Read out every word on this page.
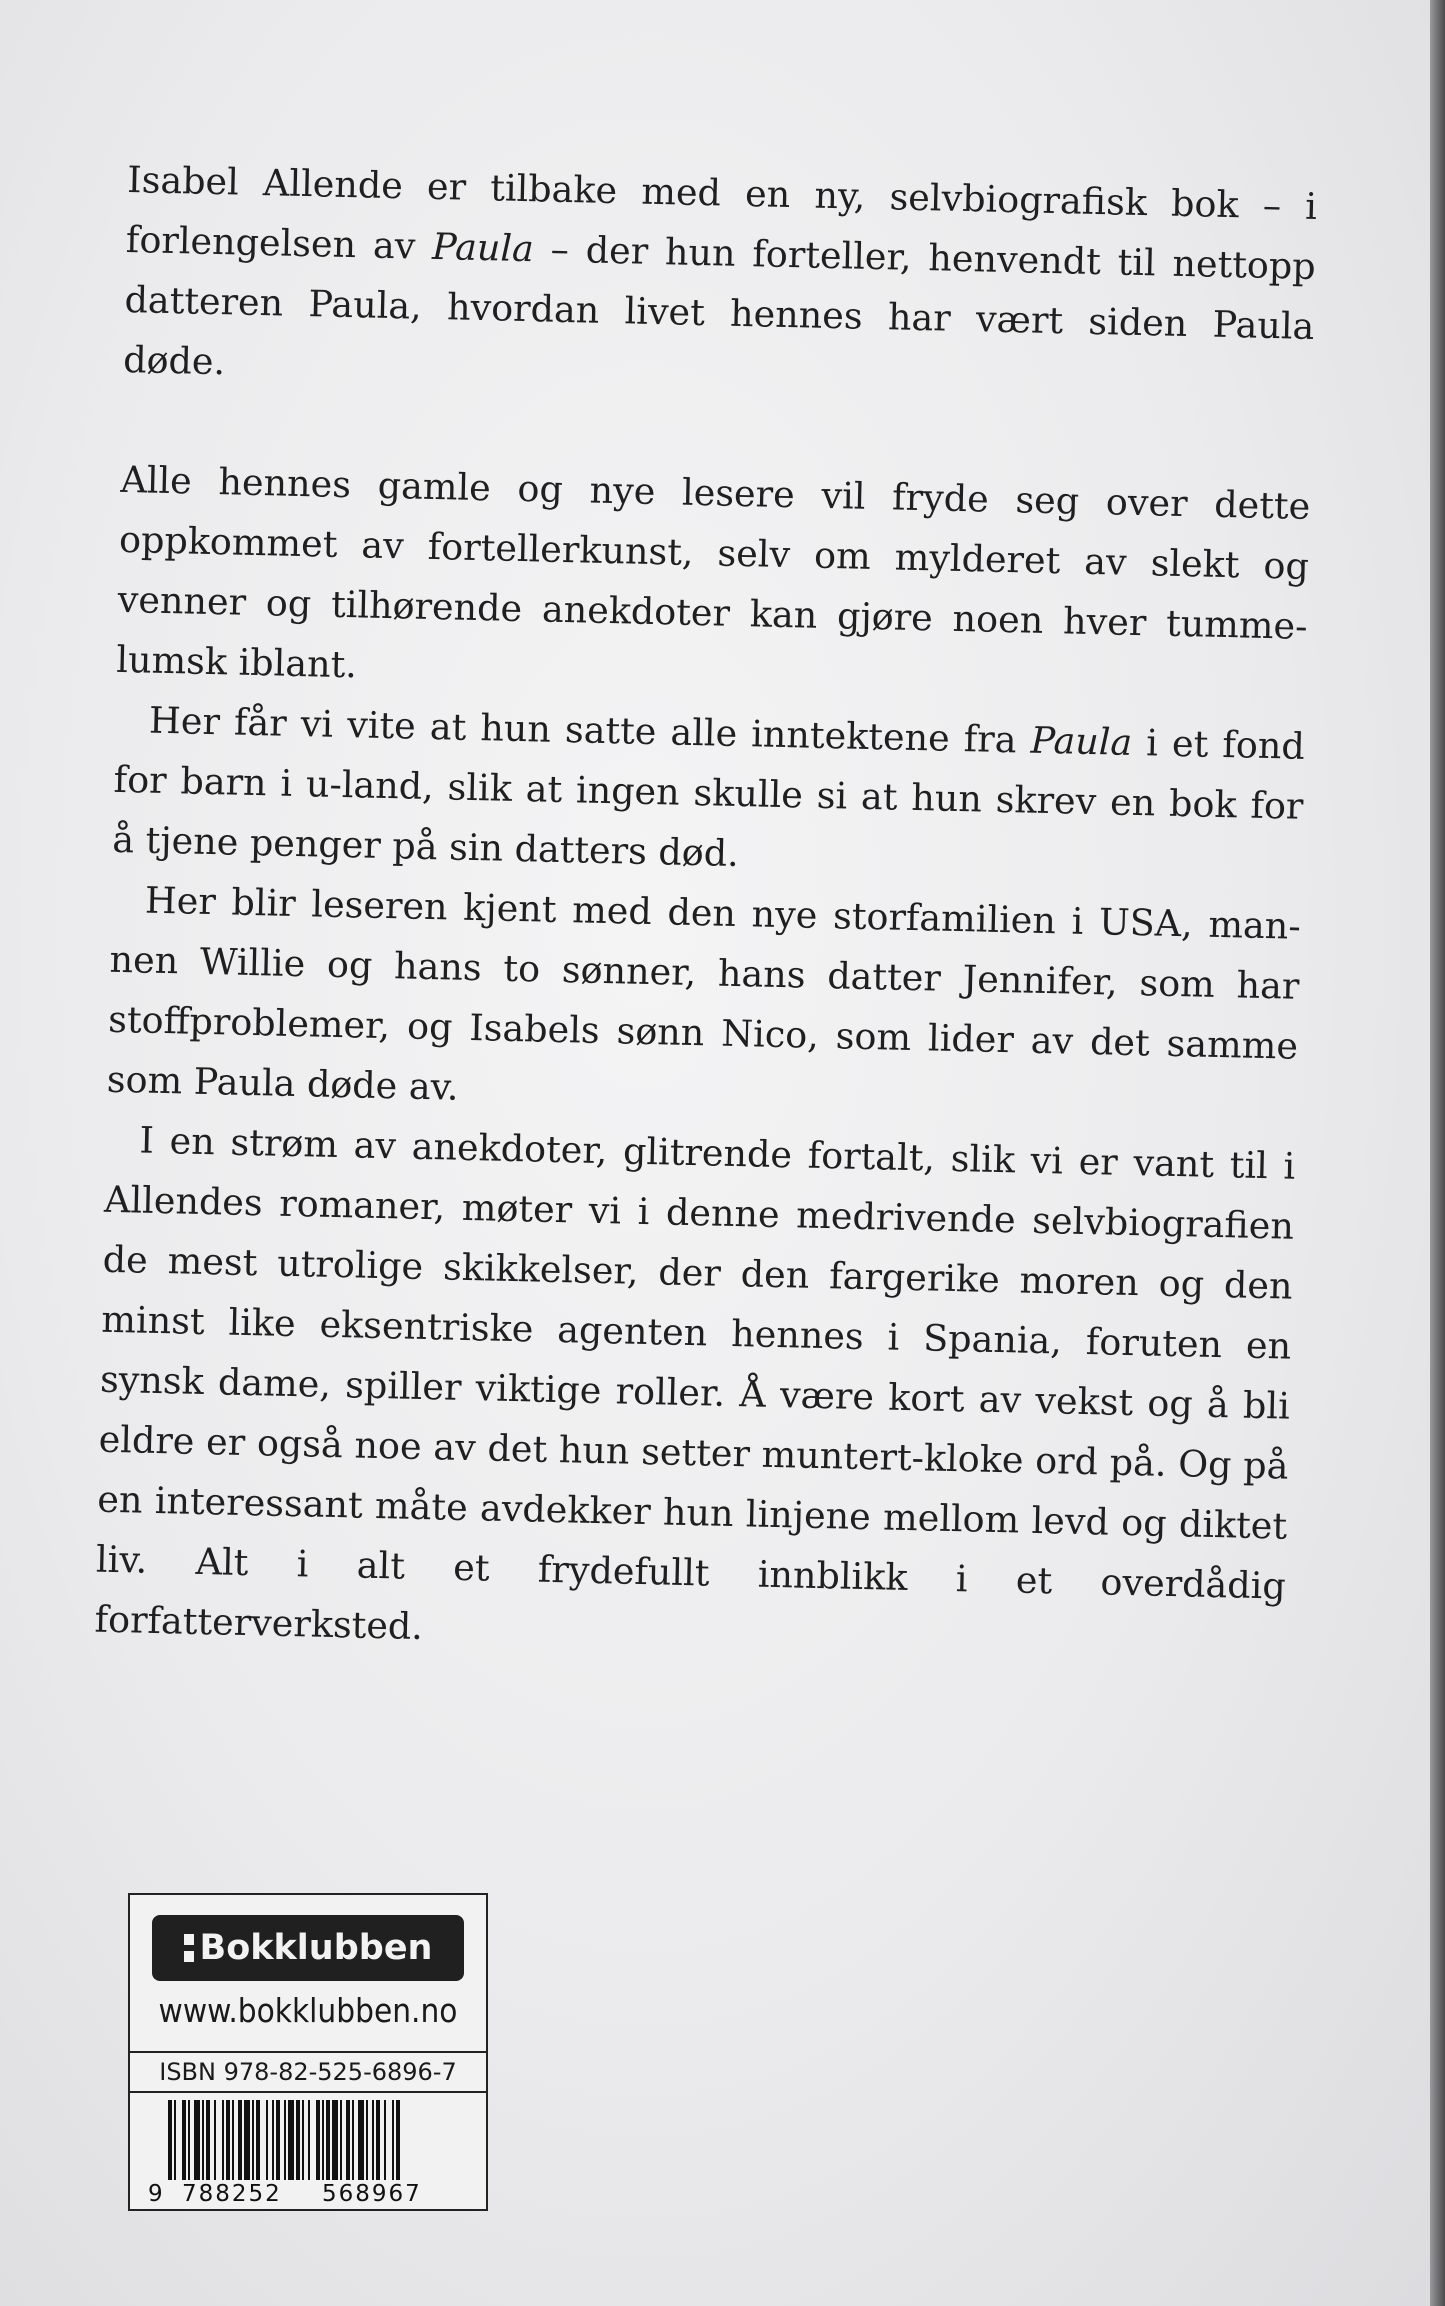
Isabel Allende er tilbake med en ny, selvbiografisk bok – i forlengelsen av Paula – der hun forteller, henvendt til nettopp datteren Paula, hvordan livet hennes har vært siden Paula døde.

Alle hennes gamle og nye lesere vil fryde seg over dette oppkommet av fortellerkunst, selv om mylderet av slekt og venner og tilhørende anekdoter kan gjøre noen hver tummelumsk iblant.

Her får vi vite at hun satte alle inntektene fra Paula i et fond for barn i u-land, slik at ingen skulle si at hun skrev en bok for å tjene penger på sin datters død.

Her blir leseren kjent med den nye storfamilien i USA, mannen Willie og hans to sønner, hans datter Jennifer, som har stoffproblemer, og Isabels sønn Nico, som lider av det samme som Paula døde av.

I en strøm av anekdoter, glitrende fortalt, slik vi er vant til i Allendes romaner, møter vi i denne medrivende selvbiografien de mest utrolige skikkelser, der den fargerike moren og den minst like eksentriske agenten hennes i Spania, foruten en synsk dame, spiller viktige roller. Å være kort av vekst og å bli eldre er også noe av det hun setter muntert-kloke ord på. Og på en interessant måte avdekker hun linjene mellom levd og diktet liv. Alt i alt et frydefullt innblikk i et overdådig forfatterverksted.

Bokklubben
www.bokklubben.no
ISBN 978-82-525-6896-7
9 788252 568967
